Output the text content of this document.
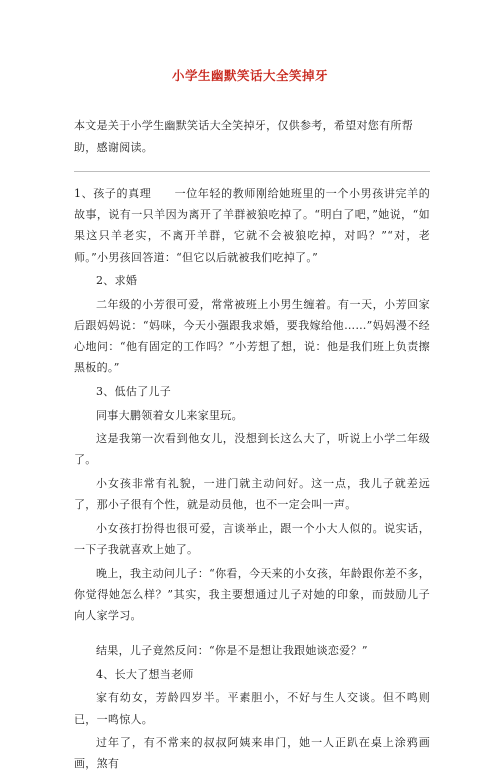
小学生幽默笑话大全笑掉牙

本文是关于小学生幽默笑话大全笑掉牙，仅供参考，希望对您有所帮助，感谢阅读。

1、孩子的真理　　一位年轻的教师刚给她班里的一个小男孩讲完羊的故事，说有一只羊因为离开了羊群被狼吃掉了。“明白了吧，”她说，“如果这只羊老实，不离开羊群，它就不会被狼吃掉，对吗？”“对，老师。”小男孩回答道：“但它以后就被我们吃掉了。”

2、求婚

二年级的小芳很可爱，常常被班上小男生缠着。有一天，小芳回家后跟妈妈说：“妈咪，今天小强跟我求婚，要我嫁给他……”妈妈漫不经心地问：“他有固定的工作吗？”小芳想了想，说：他是我们班上负责擦黑板的。”

3、低估了儿子

同事大鹏领着女儿来家里玩。

这是我第一次看到他女儿，没想到长这么大了，听说上小学二年级了。

小女孩非常有礼貌，一进门就主动问好。这一点，我儿子就差远了，那小子很有个性，就是动员他，也不一定会叫一声。

小女孩打扮得也很可爱，言谈举止，跟一个小大人似的。说实话，一下子我就喜欢上她了。

晚上，我主动问儿子：“你看，今天来的小女孩，年龄跟你差不多，你觉得她怎么样？”其实，我主要想通过儿子对她的印象，而鼓励儿子向人家学习。

结果，儿子竟然反问：“你是不是想让我跟她谈恋爱？”

4、长大了想当老师

家有幼女，芳龄四岁半。平素胆小，不好与生人交谈。但不鸣则已，一鸣惊人。

过年了，有不常来的叔叔阿姨来串门，她一人正趴在桌上涂鸦画画，煞有
